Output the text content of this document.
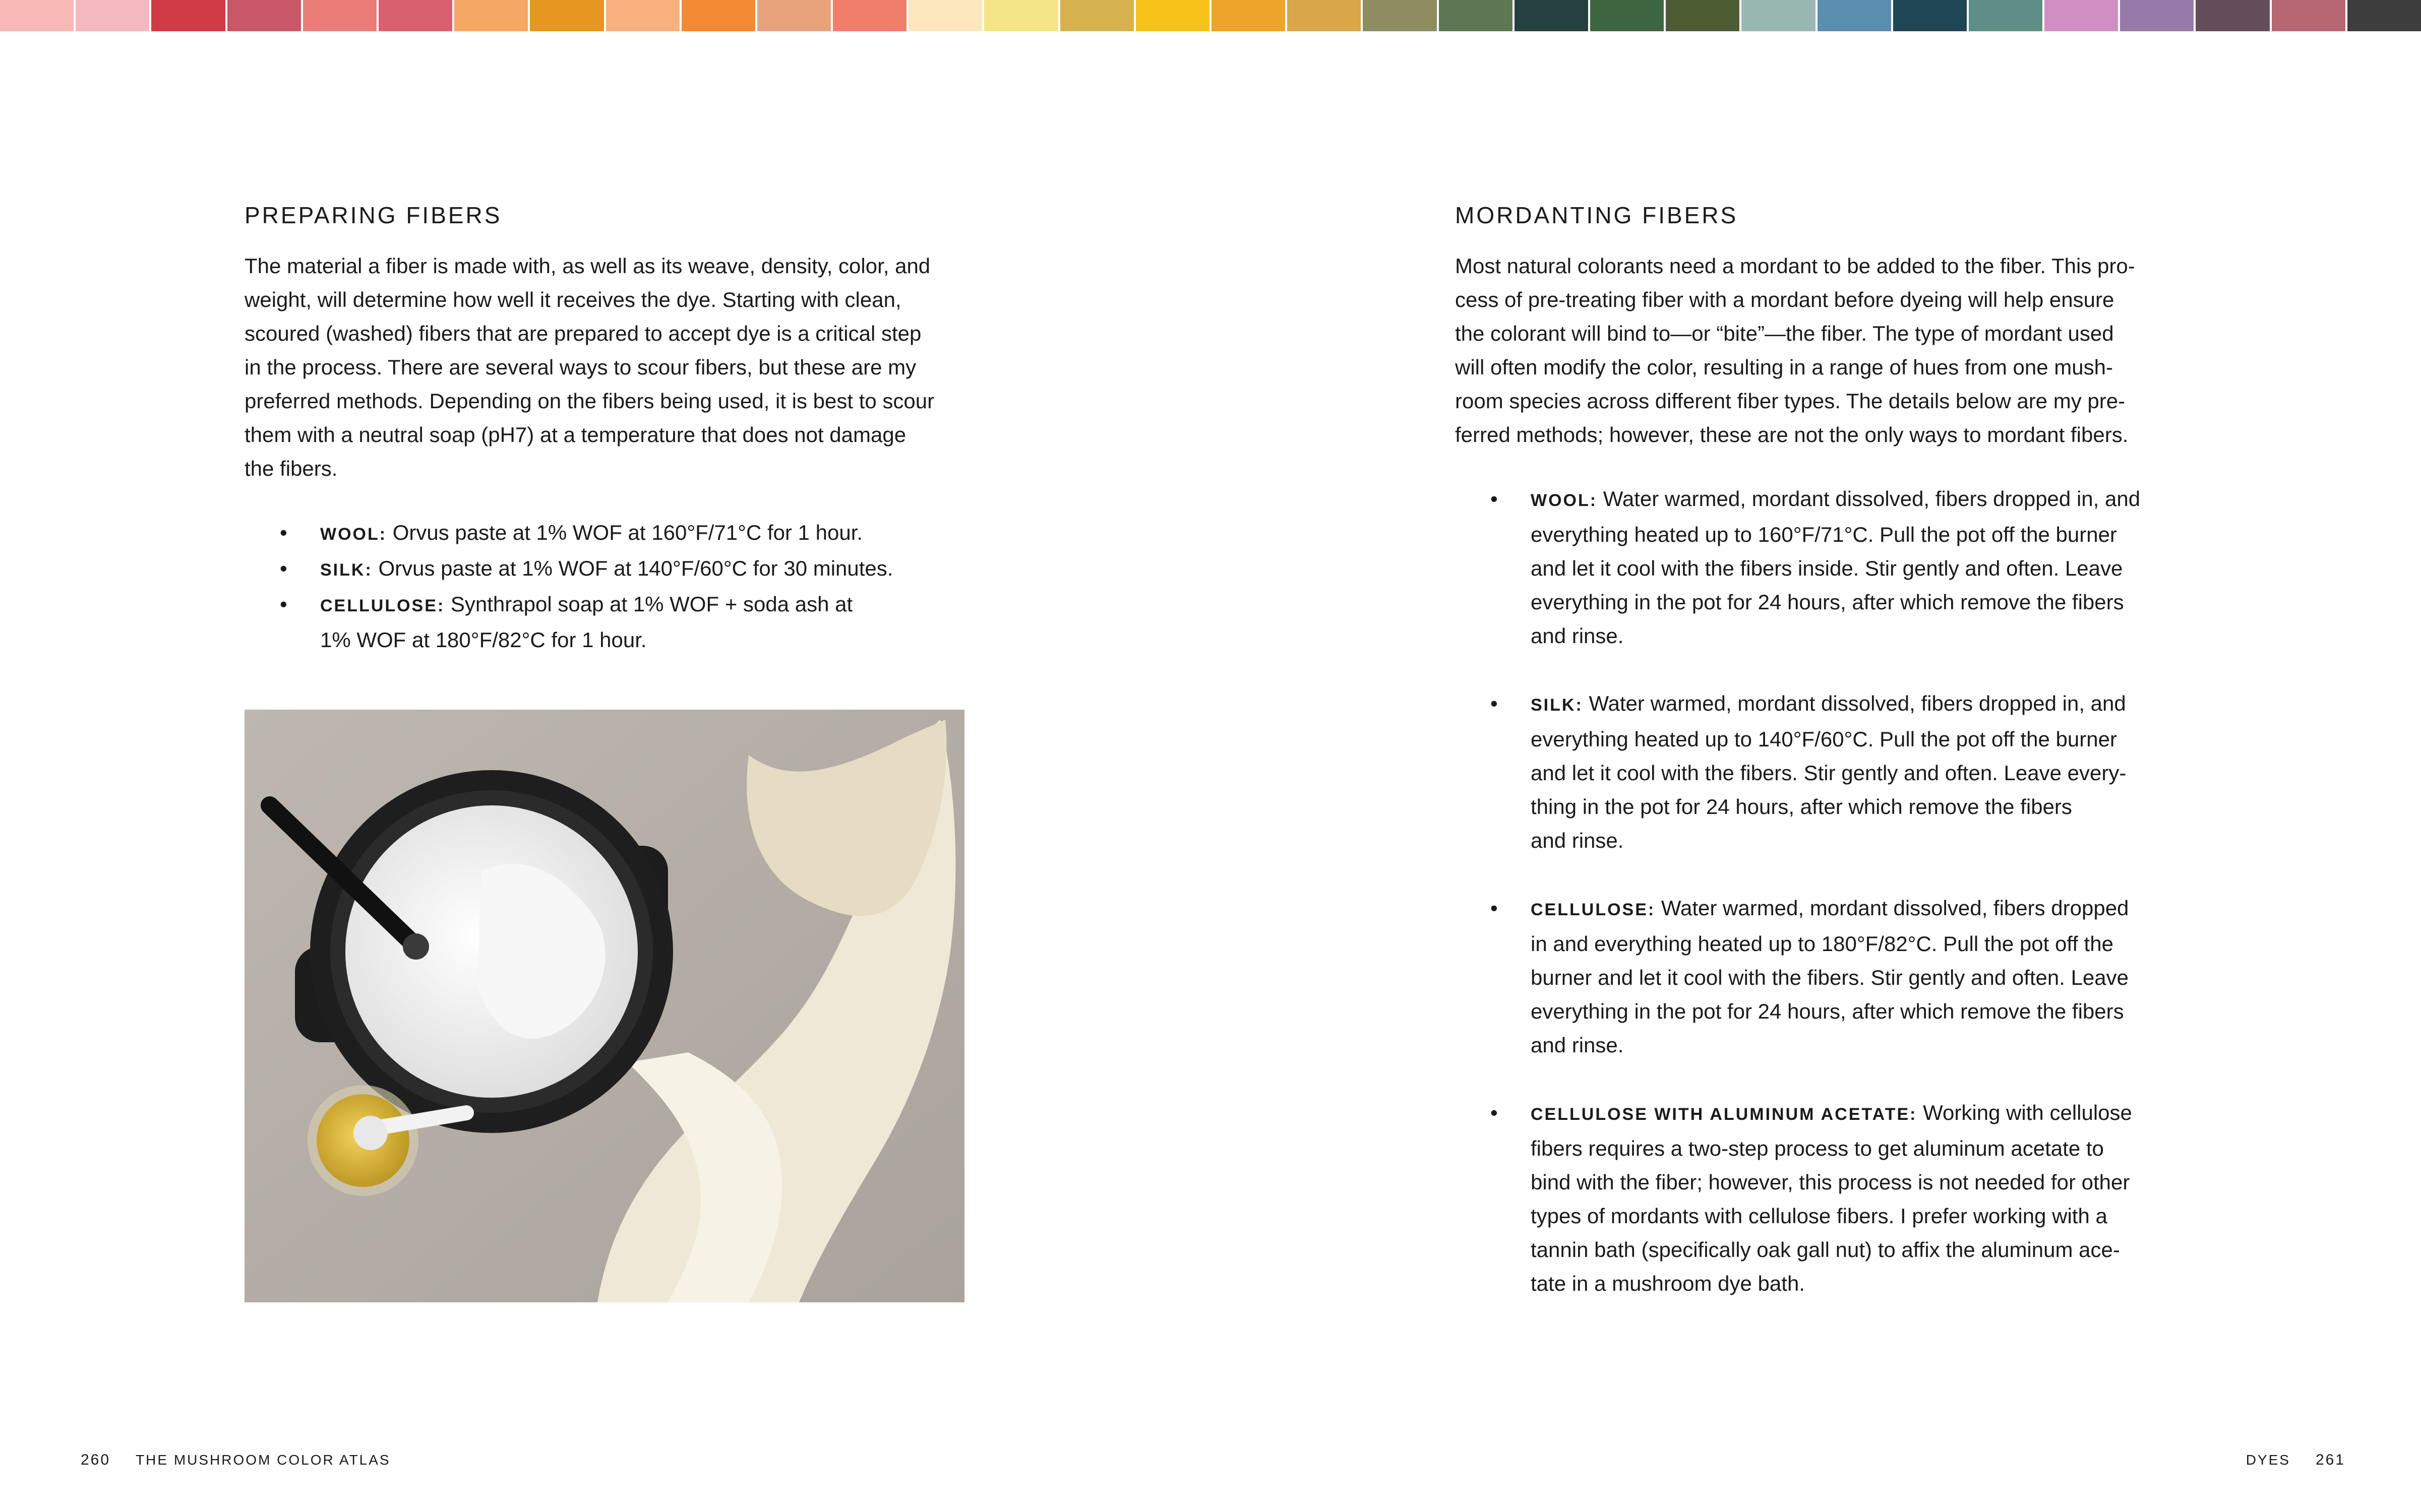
PREPARING FIBERS

The material a fiber is made with, as well as its weave, density, color, and
weight, will determine how well it receives the dye. Starting with clean,
scoured (washed) fibers that are prepared to accept dye is a critical step
in the process. There are several ways to scour fibers, but these are my
preferred methods. Depending on the fibers being used, it is best to scour
them with a neutral soap (pH7) at a temperature that does not damage
the fibers.

• WOOL: Orvus paste at 1% WOF at 160°F/71°C for 1 hour.
• SILK: Orvus paste at 1% WOF at 140°F/60°C for 30 minutes.
• CELLULOSE: Synthrapol soap at 1% WOF + soda ash at
1% WOF at 180°F/82°C for 1 hour.
MORDANTING FIBERS

Most natural colorants need a mordant to be added to the fiber. This pro-
cess of pre-treating fiber with a mordant before dyeing will help ensure
the colorant will bind to—or “bite”—the fiber. The type of mordant used
will often modify the color, resulting in a range of hues from one mush-
room species across different fiber types. The details below are my pre-
ferred methods; however, these are not the only ways to mordant fibers.

• WOOL: Water warmed, mordant dissolved, fibers dropped in, and
everything heated up to 160°F/71°C. Pull the pot off the burner
and let it cool with the fibers inside. Stir gently and often. Leave
everything in the pot for 24 hours, after which remove the fibers
and rinse.
• SILK: Water warmed, mordant dissolved, fibers dropped in, and
everything heated up to 140°F/60°C. Pull the pot off the burner
and let it cool with the fibers. Stir gently and often. Leave every-
thing in the pot for 24 hours, after which remove the fibers
and rinse.
• CELLULOSE: Water warmed, mordant dissolved, fibers dropped
in and everything heated up to 180°F/82°C. Pull the pot off the
burner and let it cool with the fibers. Stir gently and often. Leave
everything in the pot for 24 hours, after which remove the fibers
and rinse.
• CELLULOSE WITH ALUMINUM ACETATE: Working with cellulose
fibers requires a two-step process to get aluminum acetate to
bind with the fiber; however, this process is not needed for other
types of mordants with cellulose fibers. I prefer working with a
tannin bath (specifically oak gall nut) to affix the aluminum ace-
tate in a mushroom dye bath.
260 THE MUSHROOM COLOR ATLAS	DYES 261
